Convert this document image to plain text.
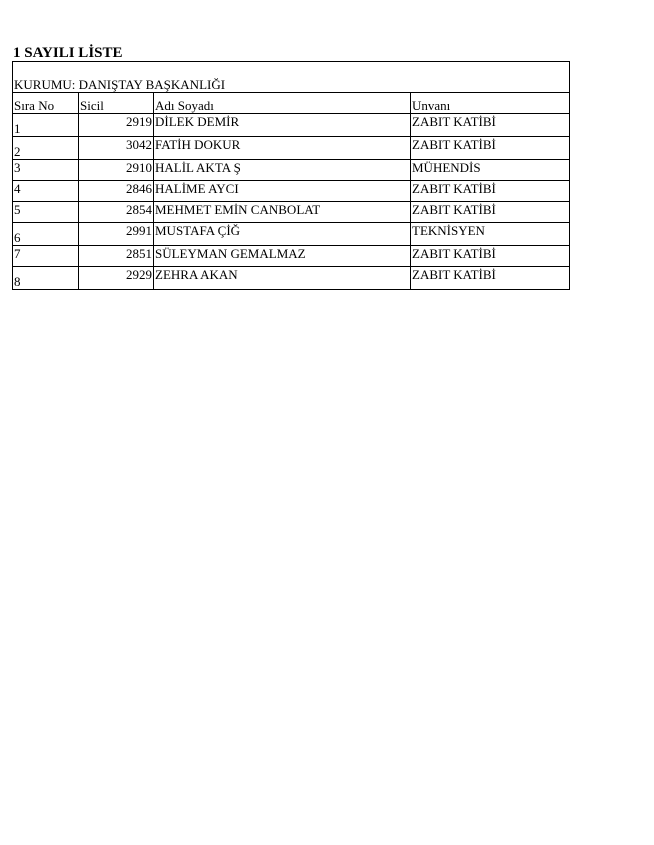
1 SAYILI LİSTE
KURUMU: DANIŞTAY BAŞKANLIĞI			
Sıra No	Sicil	Adı Soyadı	Unvanı
1	2919	DİLEK DEMİR	ZABIT KATİBİ
2	3042	FATİH DOKUR	ZABIT KATİBİ
3	2910	HALİL AKTA Ş	MÜHENDİS
4	2846	HALİME AYCI	ZABIT KATİBİ
5	2854	MEHMET EMİN CANBOLAT	ZABIT KATİBİ
6	2991	MUSTAFA ÇİĞ	TEKNİSYEN
7	2851	SÜLEYMAN GEMALMAZ	ZABIT KATİBİ
8	2929	ZEHRA AKAN	ZABIT KATİBİ
